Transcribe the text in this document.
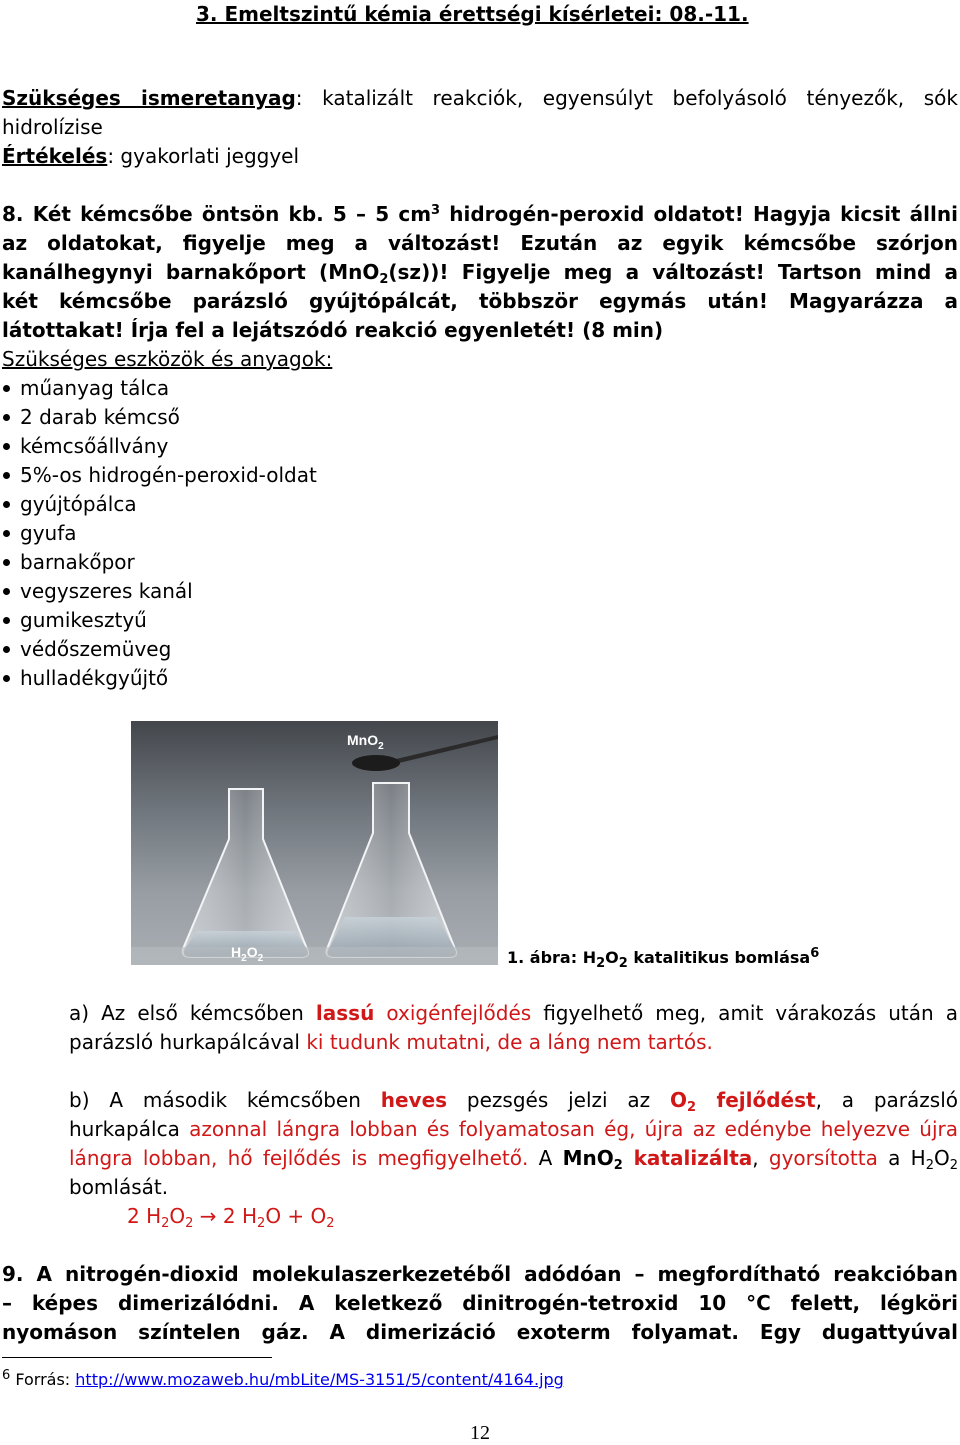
3. Emeltszintű kémia érettségi kísérletei: 08.-11.
Szükséges ismeretanyag: katalizált reakciók, egyensúlyt befolyásoló tényezők, sók
hidrolízise
Értékelés: gyakorlati jeggyel
8. Két kémcsőbe öntsön kb. 5 – 5 $cm^3$ hidrogén-peroxid oldatot! Hagyja kicsit állni
az oldatokat, figyelje meg a változást! Ezután az egyik kémcsőbe szórjon
kanálhegynyi barnakőport (MnO$_2$(sz))! Figyelje meg a változást! Tartson mind a
két kémcsőbe parázsló gyújtópálcát, többször egymás után! Magyarázza a
látottakat! Írja fel a lejátszódó reakció egyenletét! (8 min)
Szükséges eszközök és anyagok:
műanyag tálca
2 darab kémcső
kémcsőállvány
5%-os hidrogén-peroxid-oldat
gyújtópálca
gyufa
barnakőpor
vegyszeres kanál
gumikesztyű
védőszemüveg
hulladékgyűjtő
MnO$_2$
$H_2O_2$	1. ábra: $H_2O_2$ katalitikus bomlása$^6$
a) Az első kémcsőben lassú oxigénfejlődés figyelhető meg, amit várakozás után a
parázsló hurkapálcával ki tudunk mutatni, de a láng nem tartós.
b) A második kémcsőben heves pezsgés jelzi az $O_2$ fejlődést, a parázsló
hurkapálca azonnal lángra lobban és folyamatosan ég, újra az edénybe helyezve újra
lángra lobban, hő fejlődés is megfigyelhető. A MnO$_2$ katalizálta, gyorsította a $H_2O_2$
bomlását.
2 $H_2O_2 \to 2$ $H_2O + O_2$
9. A nitrogén-dioxid molekulaszerkezetéből adódóan – megfordítható reakcióban
– képes dimerizálódni. A keletkező dinitrogén-tetroxid 10 °C felett, légköri
nyomáson színtelen gáz. A dimerizáció exoterm folyamat. Egy dugattyúval
$^6$ Forrás: http://www.mozaweb.hu/mbLite/MS-3151/5/content/4164.jpg
12
